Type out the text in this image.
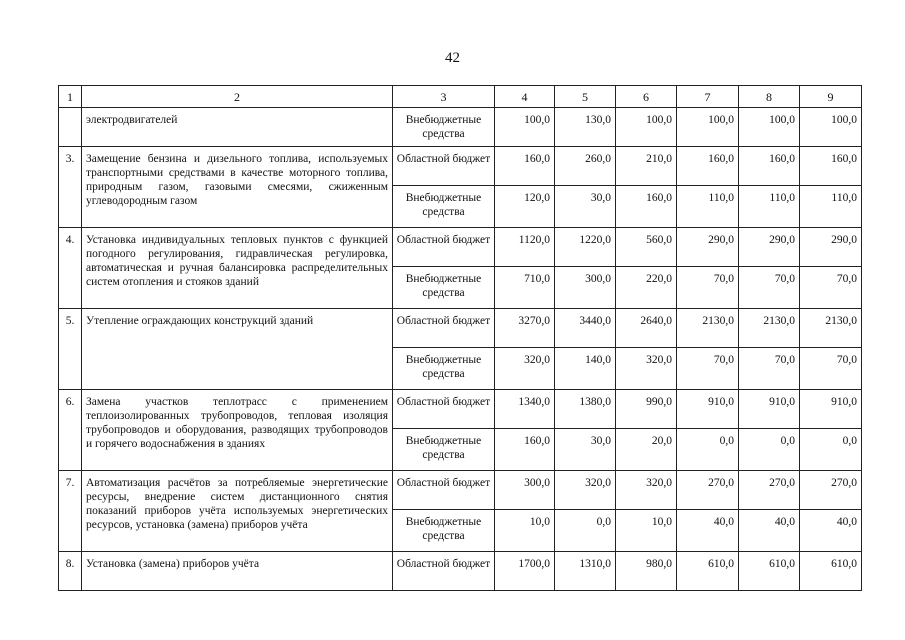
42
1	2	3	4	5	6	7	8	9
	электродвигателей	Внебюджетные средства	100,0	130,0	100,0	100,0	100,0	100,0
3.	Замещение бензина и дизельного топлива, используемых транспортными средствами в качестве моторного топлива, природным газом, газовыми смесями, сжиженным углеводородным газом	Областной бюджет	160,0	260,0	210,0	160,0	160,0	160,0
		Внебюджетные средства	120,0	30,0	160,0	110,0	110,0	110,0
4.	Установка индивидуальных тепловых пунктов с функцией погодного регулирования, гидравлическая регулировка, автоматическая и ручная балансировка распределительных систем отопления и стояков зданий	Областной бюджет	1120,0	1220,0	560,0	290,0	290,0	290,0
		Внебюджетные средства	710,0	300,0	220,0	70,0	70,0	70,0
5.	Утепление ограждающих конструкций зданий	Областной бюджет	3270,0	3440,0	2640,0	2130,0	2130,0	2130,0
		Внебюджетные средства	320,0	140,0	320,0	70,0	70,0	70,0
6.	Замена участков теплотрасс с применением теплоизолированных трубопроводов, тепловая изоляция трубопроводов и оборудования, разводящих трубопроводов и горячего водоснабжения в зданиях	Областной бюджет	1340,0	1380,0	990,0	910,0	910,0	910,0
		Внебюджетные средства	160,0	30,0	20,0	0,0	0,0	0,0
7.	Автоматизация расчётов за потребляемые энергетические ресурсы, внедрение систем дистанционного снятия показаний приборов учёта используемых энергетических ресурсов, установка (замена) приборов учёта	Областной бюджет	300,0	320,0	320,0	270,0	270,0	270,0
		Внебюджетные средства	10,0	0,0	10,0	40,0	40,0	40,0
8.	Установка (замена) приборов учёта	Областной бюджет	1700,0	1310,0	980,0	610,0	610,0	610,0
